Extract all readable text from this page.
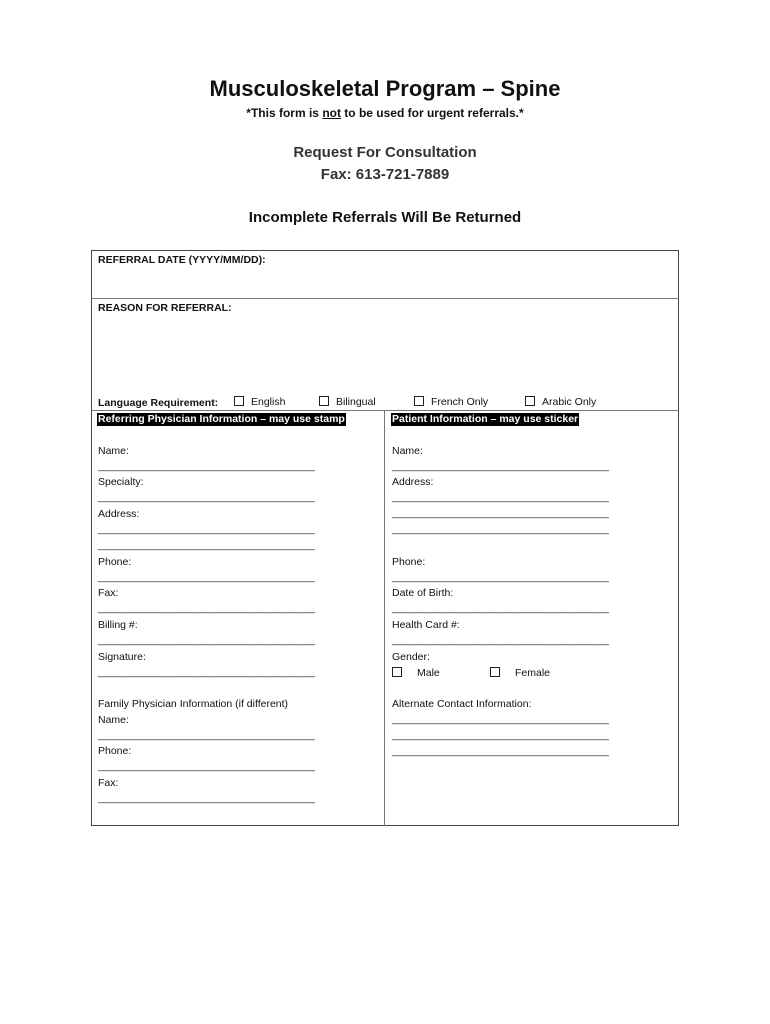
Musculoskeletal Program – Spine
*This form is not to be used for urgent referrals.*
Request For Consultation
Fax: 613-721-7889
Incomplete Referrals Will Be Returned
REFERRAL DATE (YYYY/MM/DD):
REASON FOR REFERRAL:
Language Requirement:	English	Bilingual	French Only	Arabic Only
Referring Physician Information – may use stamp
Name:
_______________________________________
Specialty:
_______________________________________
Address:
_______________________________________
_______________________________________
Phone:
_______________________________________
Fax:
_______________________________________
Billing #:
_______________________________________
Signature:
_______________________________________
Family Physician Information (if different)
Name:
_______________________________________
Phone:
_______________________________________
Fax:
_______________________________________
Patient Information – may use sticker
Name:
_______________________________________
Address:
_______________________________________
_______________________________________
_______________________________________
Phone:
_______________________________________
Date of Birth:
_______________________________________
Health Card #:
_______________________________________
Gender:
Male	Female
Alternate Contact Information:
_______________________________________
_______________________________________
_______________________________________
